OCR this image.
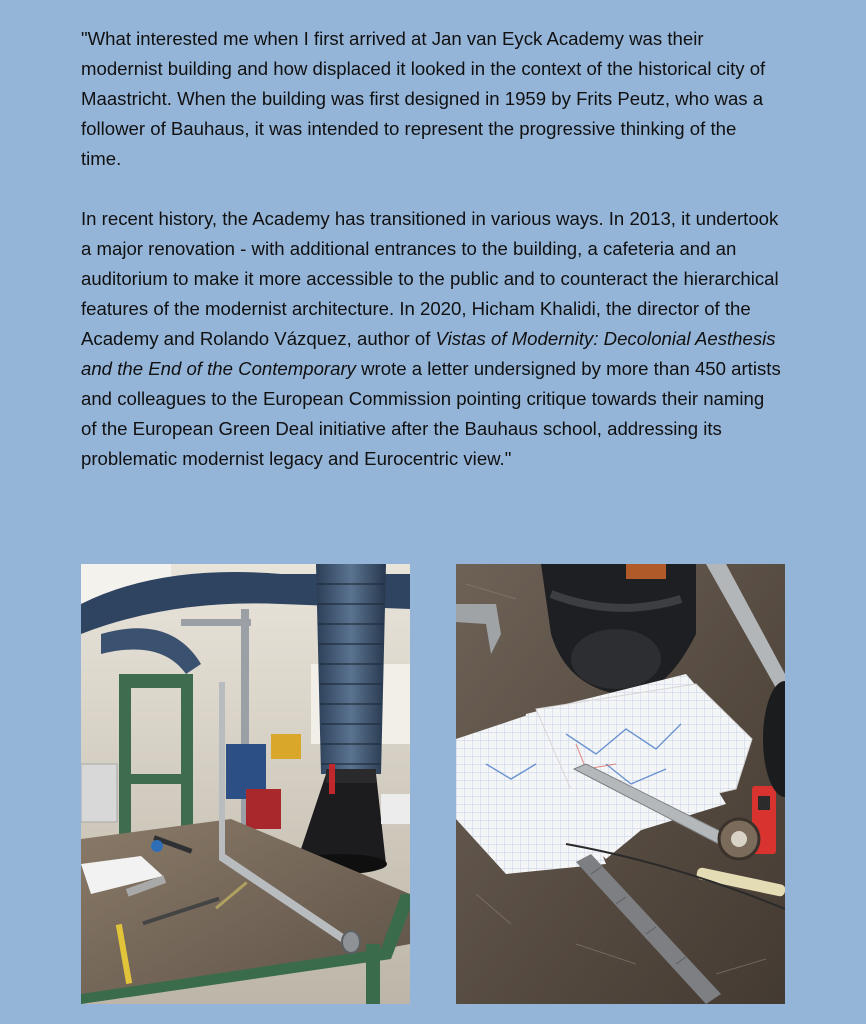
"What interested me when I first arrived at Jan van Eyck Academy was their modernist building and how displaced it looked in the context of the historical city of Maastricht. When the building was first designed in 1959 by Frits Peutz, who was a follower of Bauhaus, it was intended to represent the progressive thinking of the time.

In recent history, the Academy has transitioned in various ways. In 2013, it undertook a major renovation - with additional entrances to the building, a cafeteria and an auditorium to make it more accessible to the public and to counteract the hierarchical features of the modernist architecture. In 2020, Hicham Khalidi, the director of the Academy and Rolando Vázquez, author of Vistas of Modernity: Decolonial Aesthesis and the End of the Contemporary wrote a letter undersigned by more than 450 artists and colleagues to the European Commission pointing critique towards their naming of the European Green Deal initiative after the Bauhaus school, addressing its problematic modernist legacy and Eurocentric view."
